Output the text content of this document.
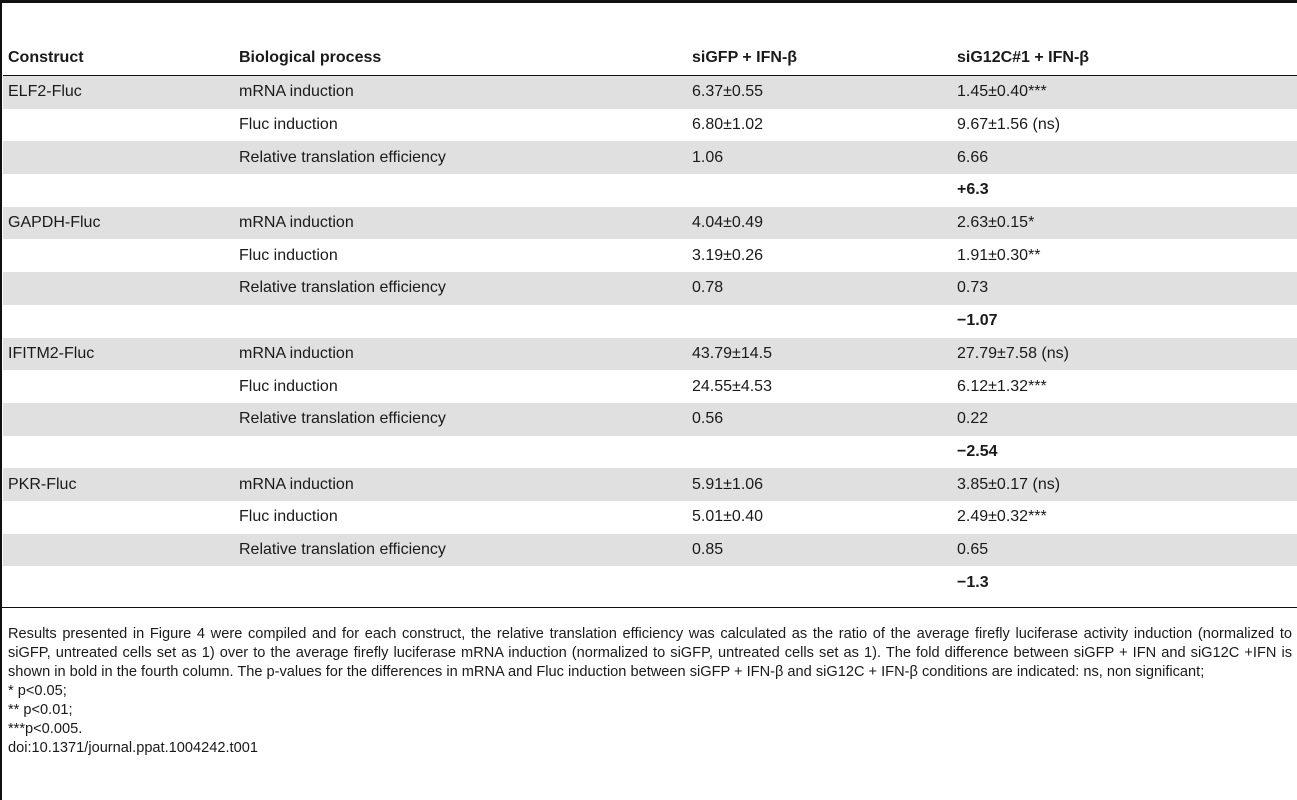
Construct	Biological process	siGFP + IFN-β	siG12C#1 + IFN-β
ELF2-Fluc	mRNA induction	6.37±0.55	1.45±0.40***
	Fluc induction	6.80±1.02	9.67±1.56 (ns)
	Relative translation efficiency	1.06	6.66
			+6.3
GAPDH-Fluc	mRNA induction	4.04±0.49	2.63±0.15*
	Fluc induction	3.19±0.26	1.91±0.30**
	Relative translation efficiency	0.78	0.73
			−1.07
IFITM2-Fluc	mRNA induction	43.79±14.5	27.79±7.58 (ns)
	Fluc induction	24.55±4.53	6.12±1.32***
	Relative translation efficiency	0.56	0.22
			−2.54
PKR-Fluc	mRNA induction	5.91±1.06	3.85±0.17 (ns)
	Fluc induction	5.01±0.40	2.49±0.32***
	Relative translation efficiency	0.85	0.65
			−1.3

Results presented in Figure 4 were compiled and for each construct, the relative translation efficiency was calculated as the ratio of the average firefly luciferase activity induction (normalized to siGFP, untreated cells set as 1) over to the average firefly luciferase mRNA induction (normalized to siGFP, untreated cells set as 1). The fold difference between siGFP + IFN and siG12C +IFN is shown in bold in the fourth column. The p-values for the differences in mRNA and Fluc induction between siGFP + IFN-β and siG12C + IFN-β conditions are indicated: ns, non significant;

* p<0.05;

** p<0.01;

***p<0.005.

doi:10.1371/journal.ppat.1004242.t001
